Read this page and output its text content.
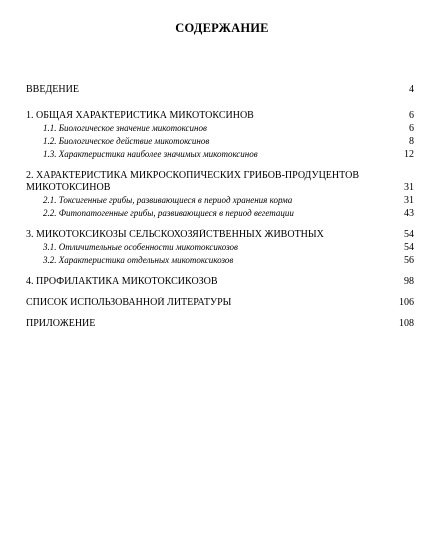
СОДЕРЖАНИЕ
ВВЕДЕНИЕ	4
1. ОБЩАЯ ХАРАКТЕРИСТИКА МИКОТОКСИНОВ	6
1.1. Биологическое значение микотоксинов	6
1.2. Биологическое действие микотоксинов	8
1.3. Характеристика наиболее значимых микотоксинов	12
2. ХАРАКТЕРИСТИКА МИКРОСКОПИЧЕСКИХ ГРИБОВ-ПРОДУЦЕНТОВ
МИКОТОКСИНОВ	31
2.1. Токсигенные грибы, развивающиеся в период хранения корма	31
2.2. Фитопатогенные грибы, развивающиеся в период вегетации	43
3. МИКОТОКСИКОЗЫ СЕЛЬСКОХОЗЯЙСТВЕННЫХ ЖИВОТНЫХ	54
3.1. Отличительные особенности микотоксикозов	54
3.2. Характеристика отдельных микотоксикозов	56
4. ПРОФИЛАКТИКА МИКОТОКСИКОЗОВ	98
СПИСОК ИСПОЛЬЗОВАННОЙ ЛИТЕРАТУРЫ	106
ПРИЛОЖЕНИЕ	108
